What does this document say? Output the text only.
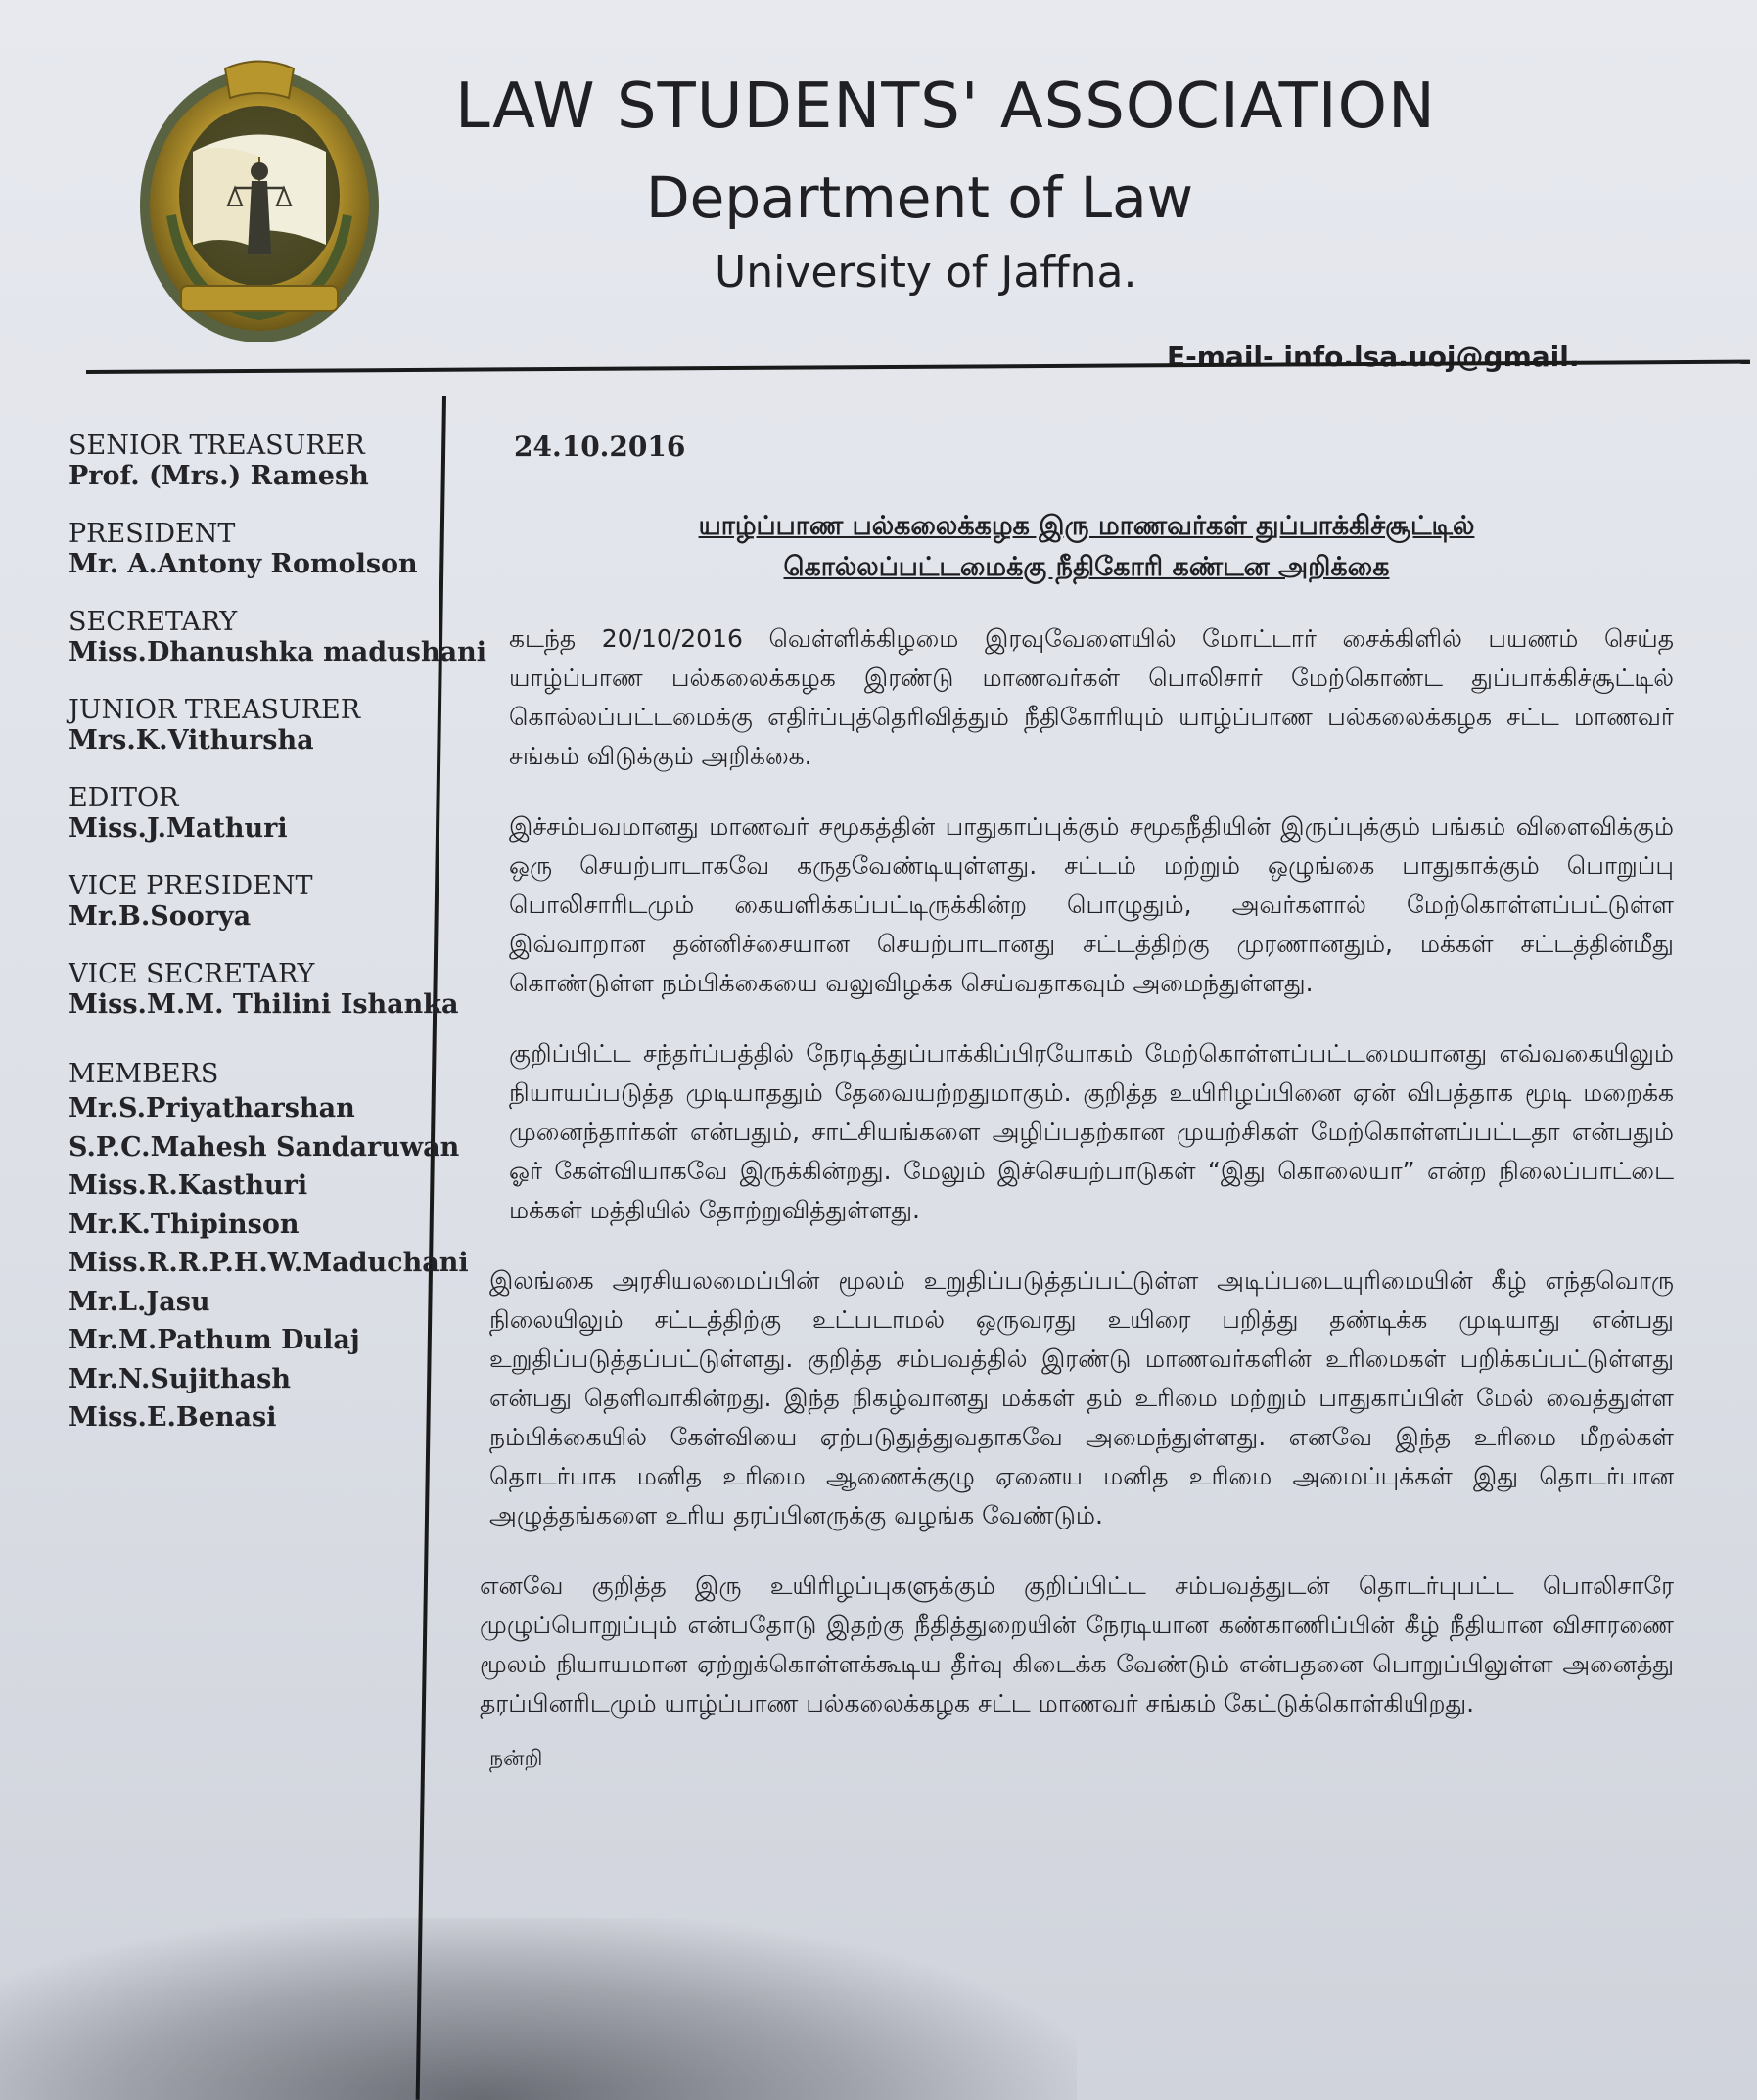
LAW STUDENTS' ASSOCIATION
Department of Law
University of Jaffna.
E-mail- info.lsa.uoj@gmail.
SENIOR TREASURER
Prof. (Mrs.) Ramesh
PRESIDENT
Mr. A.Antony Romolson
SECRETARY
Miss.Dhanushka madushani
JUNIOR TREASURER
Mrs.K.Vithursha
EDITOR
Miss.J.Mathuri
VICE PRESIDENT
Mr.B.Soorya
VICE SECRETARY
Miss.M.M. Thilini Ishanka
MEMBERS
Mr.S.Priyatharshan
S.P.C.Mahesh Sandaruwan
Miss.R.Kasthuri
Mr.K.Thipinson
Miss.R.R.P.H.W.Maduchani
Mr.L.Jasu
Mr.M.Pathum Dulaj
Mr.N.Sujithash
Miss.E.Benasi
24.10.2016
யாழ்ப்பாண பல்கலைக்கழக இரு மாணவர்கள் துப்பாக்கிச்சூட்டில்
கொல்லப்பட்டமைக்கு நீதிகோரி கண்டன அறிக்கை

கடந்த 20/10/2016 வெள்ளிக்கிழமை இரவுவேளையில் மோட்டார் சைக்கிளில் பயணம் செய்த யாழ்ப்பாண பல்கலைக்கழக இரண்டு மாணவர்கள் பொலிசார் மேற்கொண்ட துப்பாக்கிச்சூட்டில் கொல்லப்பட்டமைக்கு எதிர்ப்புத்தெரிவித்தும் நீதிகோரியும் யாழ்ப்பாண பல்கலைக்கழக சட்ட மாணவர் சங்கம் விடுக்கும் அறிக்கை.

இச்சம்பவமானது மாணவர் சமூகத்தின் பாதுகாப்புக்கும் சமூகநீதியின் இருப்புக்கும் பங்கம் விளைவிக்கும் ஒரு செயற்பாடாகவே கருதவேண்டியுள்ளது. சட்டம் மற்றும் ஒழுங்கை பாதுகாக்கும் பொறுப்பு பொலிசாரிடமும் கையளிக்கப்பட்டிருக்கின்ற பொழுதும், அவர்களால் மேற்கொள்ளப்பட்டுள்ள இவ்வாறான தன்னிச்சையான செயற்பாடானது சட்டத்திற்கு முரணானதும், மக்கள் சட்டத்தின்மீது கொண்டுள்ள நம்பிக்கையை வலுவிழக்க செய்வதாகவும் அமைந்துள்ளது.

குறிப்பிட்ட சந்தர்ப்பத்தில் நேரடித்துப்பாக்கிப்பிரயோகம் மேற்கொள்ளப்பட்டமையானது எவ்வகையிலும் நியாயப்படுத்த முடியாததும் தேவையற்றதுமாகும். குறித்த உயிரிழப்பினை ஏன் விபத்தாக மூடி மறைக்க முனைந்தார்கள் என்பதும், சாட்சியங்களை அழிப்பதற்கான முயற்சிகள் மேற்கொள்ளப்பட்டதா என்பதும் ஓர் கேள்வியாகவே இருக்கின்றது. மேலும் இச்செயற்பாடுகள் “இது கொலையா” என்ற நிலைப்பாட்டை மக்கள் மத்தியில் தோற்றுவித்துள்ளது.

இலங்கை அரசியலமைப்பின் மூலம் உறுதிப்படுத்தப்பட்டுள்ள அடிப்படையுரிமையின் கீழ் எந்தவொரு நிலையிலும் சட்டத்திற்கு உட்படாமல் ஒருவரது உயிரை பறித்து தண்டிக்க முடியாது என்பது உறுதிப்படுத்தப்பட்டுள்ளது. குறித்த சம்பவத்தில் இரண்டு மாணவர்களின் உரிமைகள் பறிக்கப்பட்டுள்ளது என்பது தெளிவாகின்றது. இந்த நிகழ்வானது மக்கள் தம் உரிமை மற்றும் பாதுகாப்பின் மேல் வைத்துள்ள நம்பிக்கையில் கேள்வியை ஏற்படுதுத்துவதாகவே அமைந்துள்ளது. எனவே இந்த உரிமை மீறல்கள் தொடர்பாக மனித உரிமை ஆணைக்குழு ஏனைய மனித உரிமை அமைப்புக்கள் இது தொடர்பான அழுத்தங்களை உரிய தரப்பினருக்கு வழங்க வேண்டும்.

எனவே குறித்த இரு உயிரிழப்புகளுக்கும் குறிப்பிட்ட சம்பவத்துடன் தொடர்புபட்ட பொலிசாரே முழுப்பொறுப்பும் என்பதோடு இதற்கு நீதித்துறையின் நேரடியான கண்காணிப்பின் கீழ் நீதியான விசாரணை மூலம் நியாயமான ஏற்றுக்கொள்ளக்கூடிய தீர்வு கிடைக்க வேண்டும் என்பதனை பொறுப்பிலுள்ள அனைத்து தரப்பினரிடமும் யாழ்ப்பாண பல்கலைக்கழக சட்ட மாணவர் சங்கம் கேட்டுக்கொள்கியிறது.

நன்றி
